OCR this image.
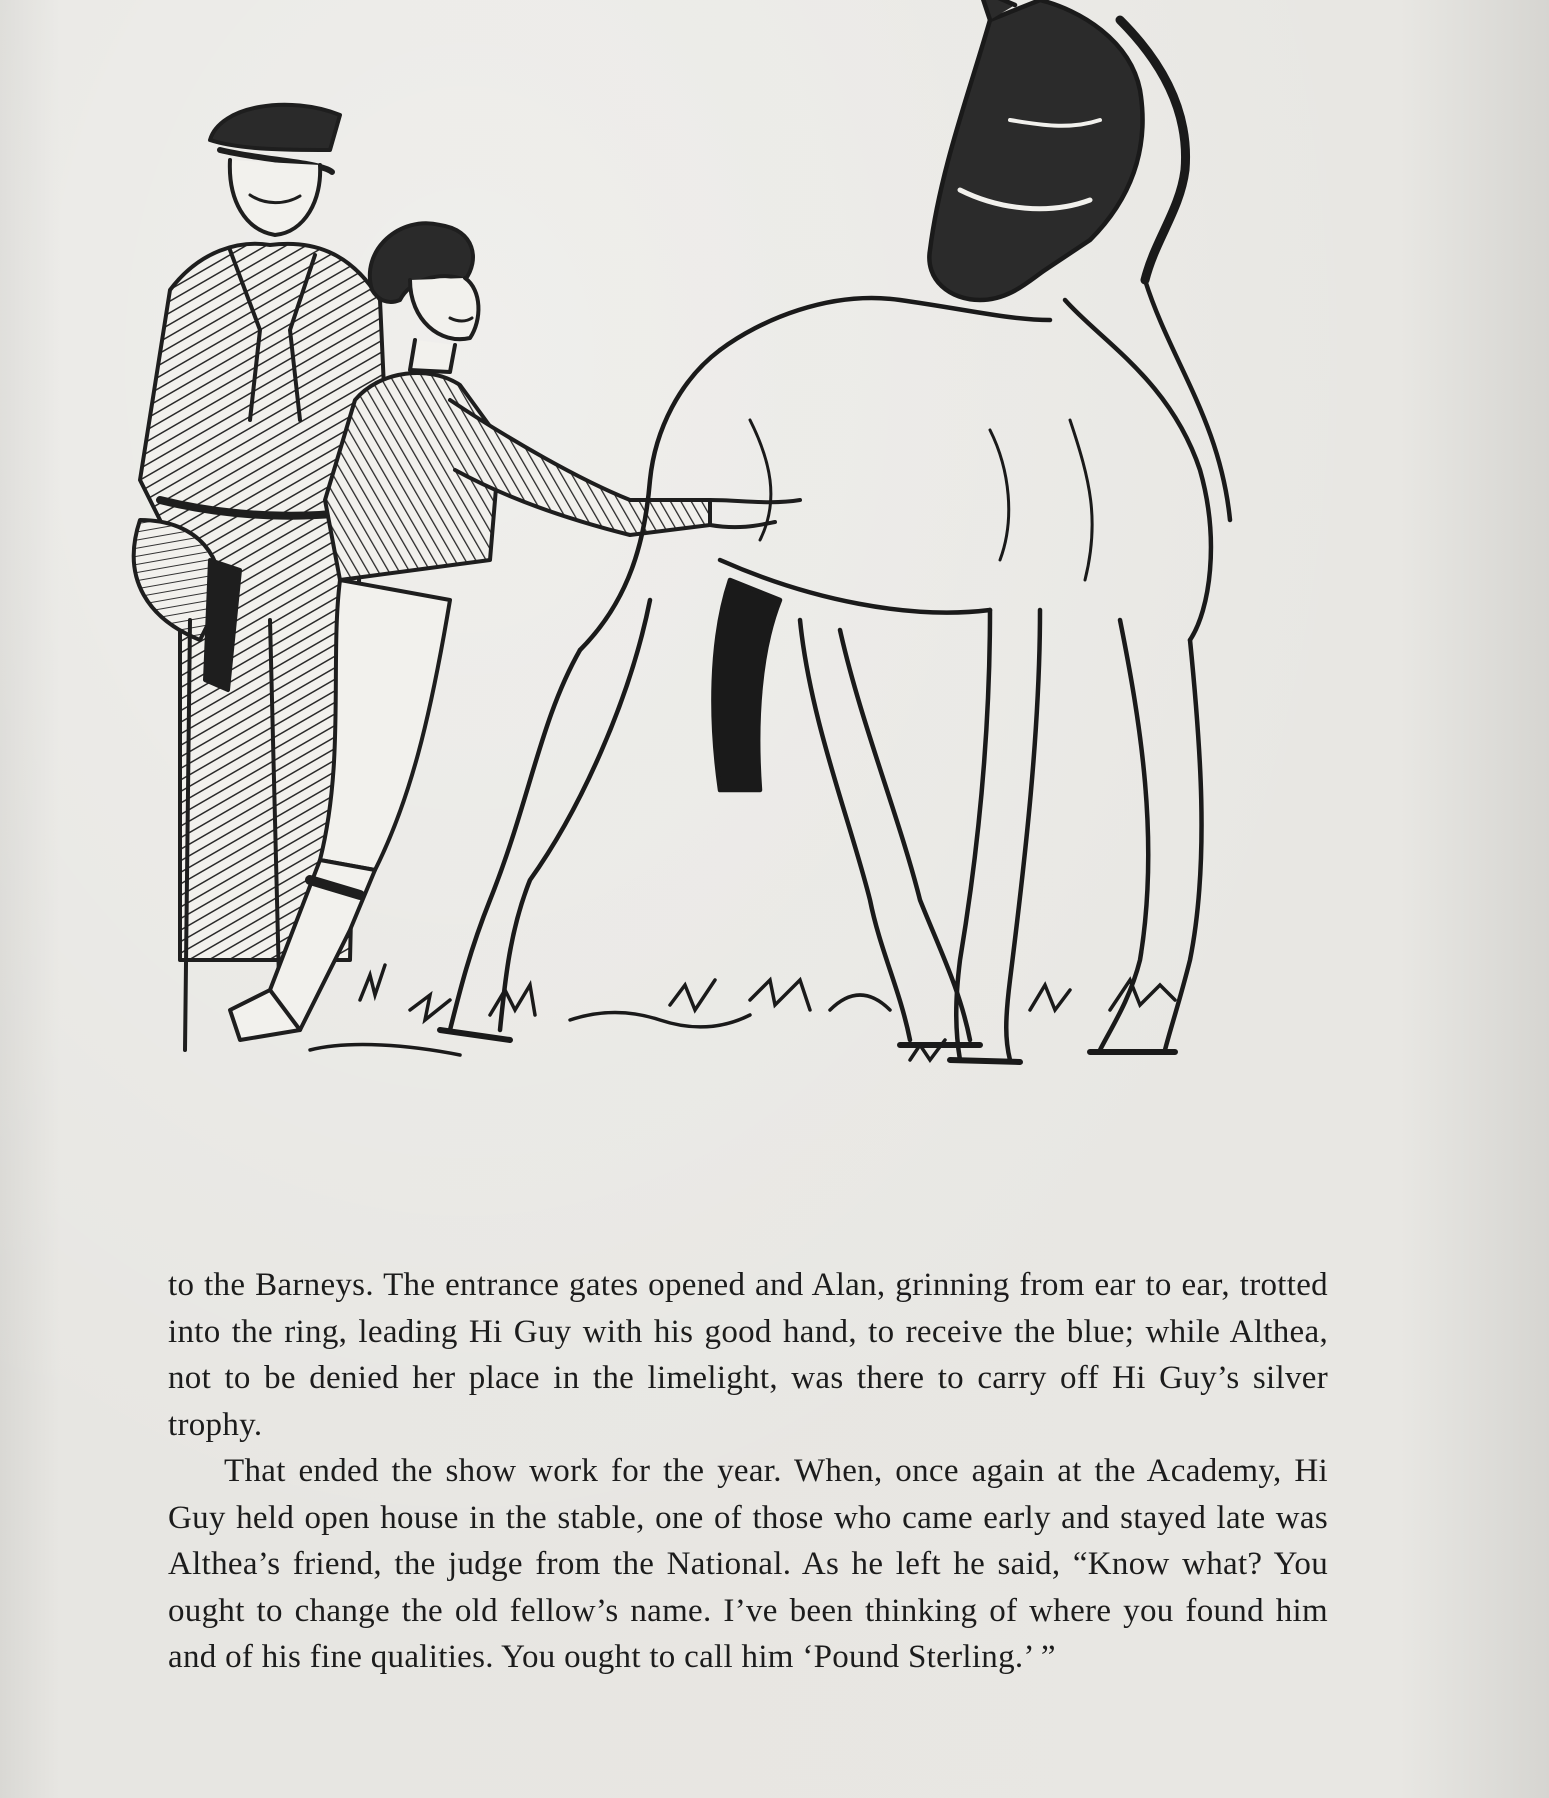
to the Barneys. The entrance gates opened and Alan, grinning from ear to ear, trotted into the ring, leading Hi Guy with his good hand, to receive the blue; while Althea, not to be denied her place in the limelight, was there to carry off Hi Guy’s silver trophy.

That ended the show work for the year. When, once again at the Academy, Hi Guy held open house in the stable, one of those who came early and stayed late was Althea’s friend, the judge from the National. As he left he said, “Know what? You ought to change the old fellow’s name. I’ve been thinking of where you found him and of his fine qualities. You ought to call him ‘Pound Sterling.’ ”
